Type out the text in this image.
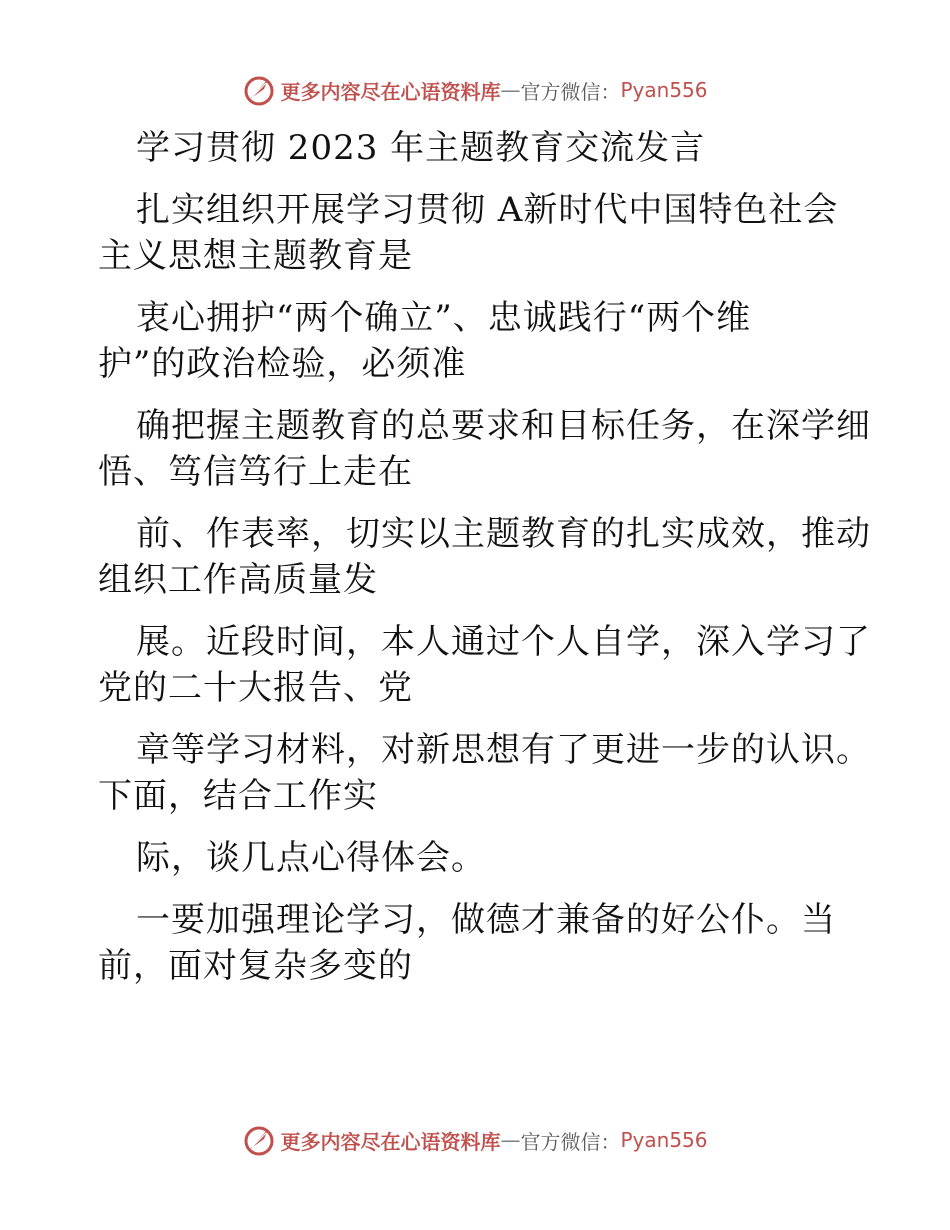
更多内容尽在心语资料库 — 官方微信： Pyan556
学习贯彻 2023 年主题教育交流发言
扎实组织开展学习贯彻 A新时代中国特色社会
主义思想主题教育是
衷心拥护“两个确立”、忠诚践行“两个维
护”的政治检验，必须准
确把握主题教育的总要求和目标任务，在深学细
悟、笃信笃行上走在
前、作表率，切实以主题教育的扎实成效，推动
组织工作高质量发
展。近段时间，本人通过个人自学，深入学习了
党的二十大报告、党
章等学习材料，对新思想有了更进一步的认识。
下面，结合工作实
际，谈几点心得体会。
一要加强理论学习，做德才兼备的好公仆。当
前，面对复杂多变的
更多内容尽在心语资料库 — 官方微信： Pyan556
